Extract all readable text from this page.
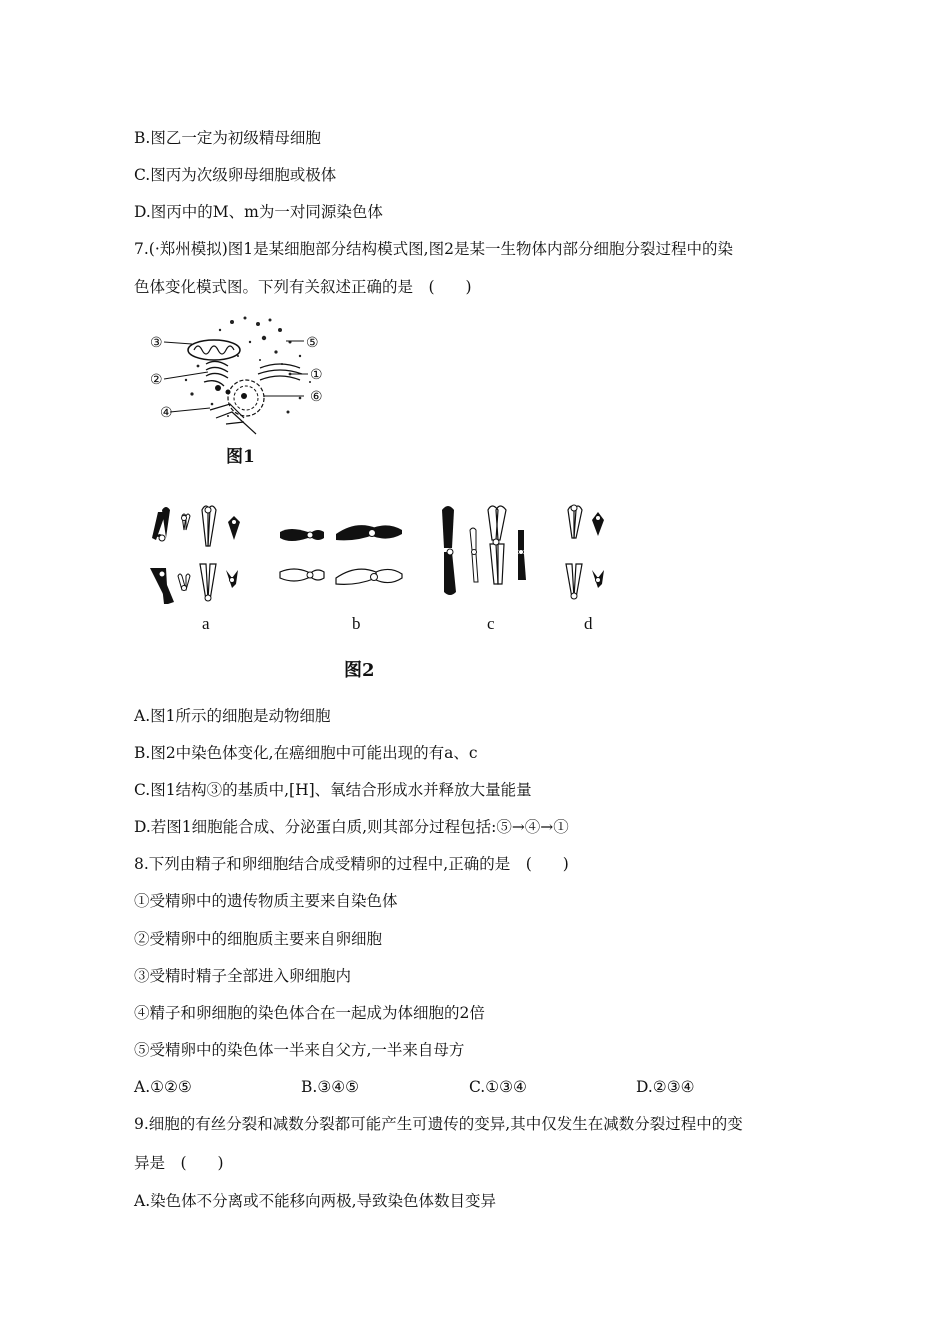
B.图乙一定为初级精母细胞
C.图丙为次级卵母细胞或极体
D.图丙中的M、m为一对同源染色体
7.(·郑州模拟)图1是某细胞部分结构模式图,图2是某一生物体内部分细胞分裂过程中的染
色体变化模式图。下列有关叙述正确的是　(　　)
③	⑤
②	①
④
⑥
图1
a	b	c	d
图2
A.图1所示的细胞是动物细胞
B.图2中染色体变化,在癌细胞中可能出现的有a、c
C.图1结构③的基质中,[H]、氧结合形成水并释放大量能量
D.若图1细胞能合成、分泌蛋白质,则其部分过程包括:⑤→④→①
8.下列由精子和卵细胞结合成受精卵的过程中,正确的是　(　　)
①受精卵中的遗传物质主要来自染色体
②受精卵中的细胞质主要来自卵细胞
③受精时精子全部进入卵细胞内
④精子和卵细胞的染色体合在一起成为体细胞的2倍
⑤受精卵中的染色体一半来自父方,一半来自母方
A.①②⑤	B.③④⑤	C.①③④	D.②③④
9.细胞的有丝分裂和减数分裂都可能产生可遗传的变异,其中仅发生在减数分裂过程中的变
异是　(　　)
A.染色体不分离或不能移向两极,导致染色体数目变异
